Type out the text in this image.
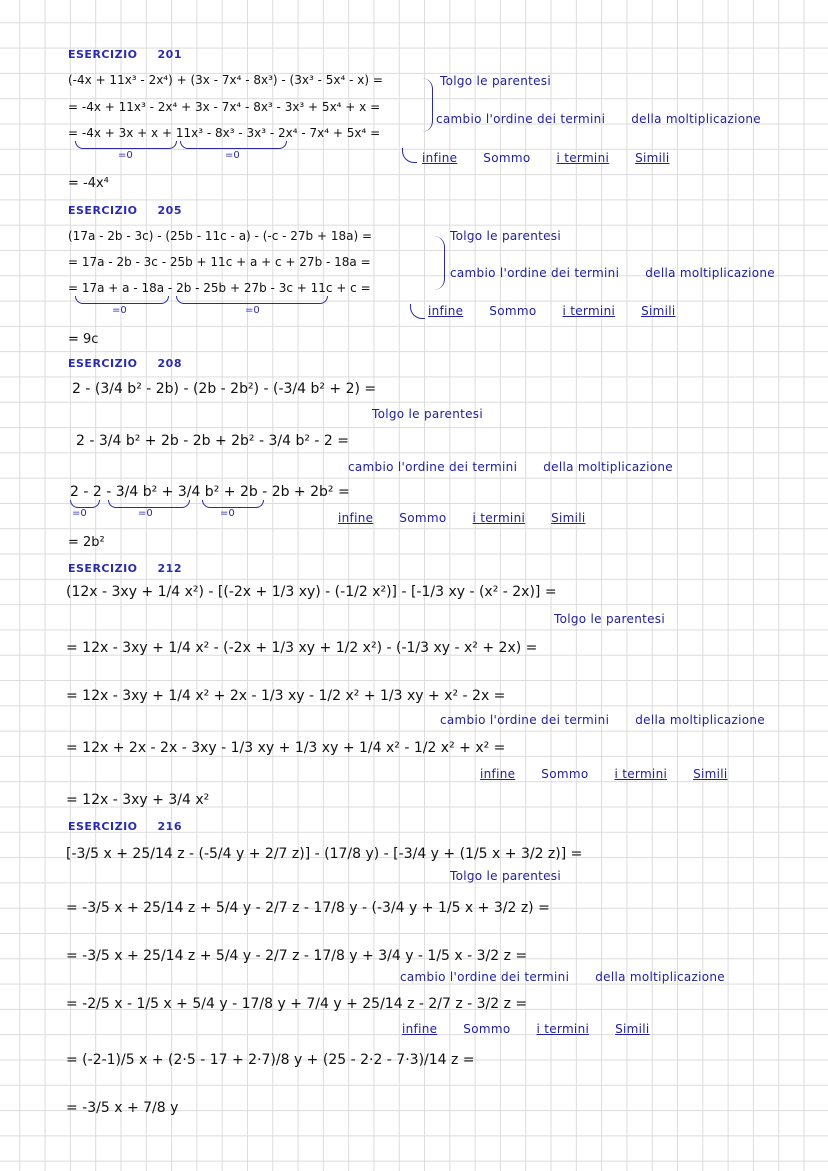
ESERCIZIO 201
(-4x + 11x³ - 2x⁴) + (3x - 7x⁴ - 8x³) - (3x³ - 5x⁴ - x) =
= -4x + 11x³ - 2x⁴ + 3x - 7x⁴ - 8x³ - 3x³ + 5x⁴ + x =
= -4x + 3x + x + 11x³ - 8x³ - 3x³ - 2x⁴ - 7x⁴ + 5x⁴ =
=0	=0
Tolgo le parentesi
cambio l'ordine dei termini della moltiplicazione
infine Sommo i termini Simili
= -4x⁴
ESERCIZIO 205
(17a - 2b - 3c) - (25b - 11c - a) - (-c - 27b + 18a) =
= 17a - 2b - 3c - 25b + 11c + a + c + 27b - 18a =
= 17a + a - 18a - 2b - 25b + 27b - 3c + 11c + c =
=0	=0
Tolgo le parentesi
cambio l'ordine dei termini della moltiplicazione
infine Sommo i termini Simili
= 9c
ESERCIZIO 208
2 - (3/4 b² - 2b) - (2b - 2b²) - (-3/4 b² + 2) =
Tolgo le parentesi
2 - 3/4 b² + 2b - 2b + 2b² - 3/4 b² - 2 =
cambio l'ordine dei termini della moltiplicazione
2 - 2 - 3/4 b² + 3/4 b² + 2b - 2b + 2b² =
=0	=0	=0	infine Sommo i termini Simili
= 2b²
ESERCIZIO 212
(12x - 3xy + 1/4 x²) - [(-2x + 1/3 xy) - (-1/2 x²)] - [-1/3 xy - (x² - 2x)] =
Tolgo le parentesi
= 12x - 3xy + 1/4 x² - (-2x + 1/3 xy + 1/2 x²) - (-1/3 xy - x² + 2x) =
= 12x - 3xy + 1/4 x² + 2x - 1/3 xy - 1/2 x² + 1/3 xy + x² - 2x =
cambio l'ordine dei termini della moltiplicazione
= 12x + 2x - 2x - 3xy - 1/3 xy + 1/3 xy + 1/4 x² - 1/2 x² + x² =
infine Sommo i termini Simili
= 12x - 3xy + 3/4 x²
ESERCIZIO 216
[-3/5 x + 25/14 z - (-5/4 y + 2/7 z)] - (17/8 y) - [-3/4 y + (1/5 x + 3/2 z)] =
Tolgo le parentesi
= -3/5 x + 25/14 z + 5/4 y - 2/7 z - 17/8 y - (-3/4 y + 1/5 x + 3/2 z) =
= -3/5 x + 25/14 z + 5/4 y - 2/7 z - 17/8 y + 3/4 y - 1/5 x - 3/2 z =
cambio l'ordine dei termini della moltiplicazione
= -2/5 x - 1/5 x + 5/4 y - 17/8 y + 7/4 y + 25/14 z - 2/7 z - 3/2 z =
infine Sommo i termini Simili
= (-2-1)/5 x + (2·5 - 17 + 2·7)/8 y + (25 - 2·2 - 7·3)/14 z =
= -3/5 x + 7/8 y
